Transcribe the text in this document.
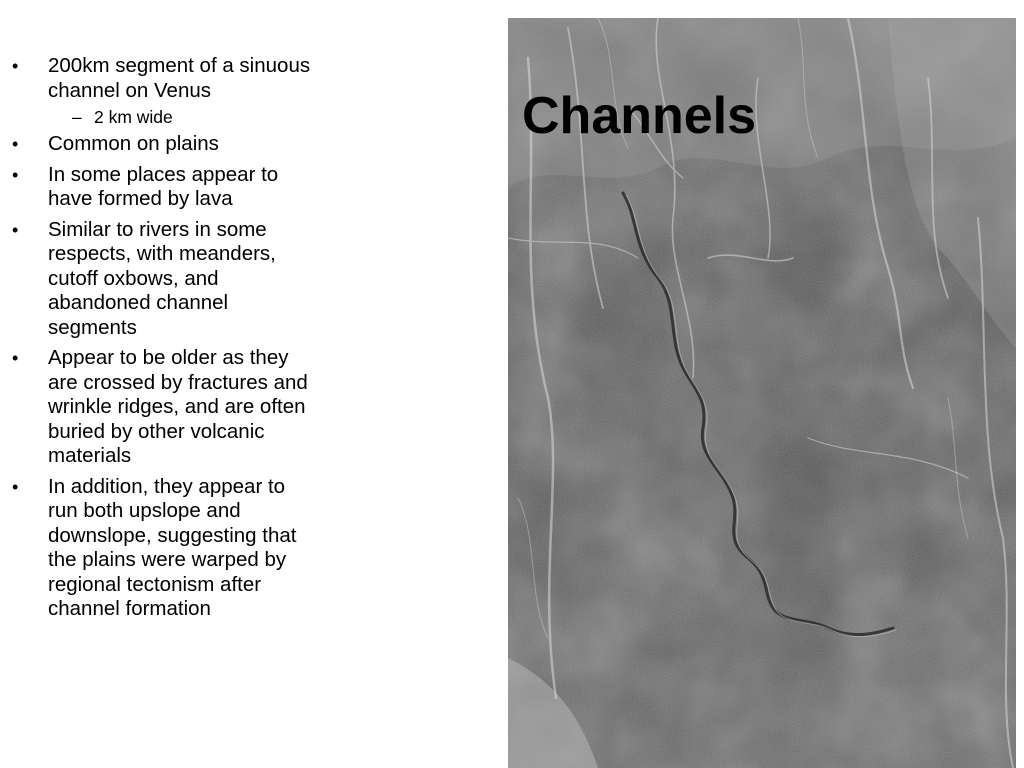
• 200km segment of a sinuous channel on Venus
– 2 km wide
• Common on plains
• In some places appear to have formed by lava
• Similar to rivers in some respects, with meanders, cutoff oxbows, and abandoned channel segments
• Appear to be older as they are crossed by fractures and wrinkle ridges, and are often buried by other volcanic materials
• In addition, they appear to run both upslope and downslope, suggesting that the plains were warped by regional tectonism after channel formation
Channels
